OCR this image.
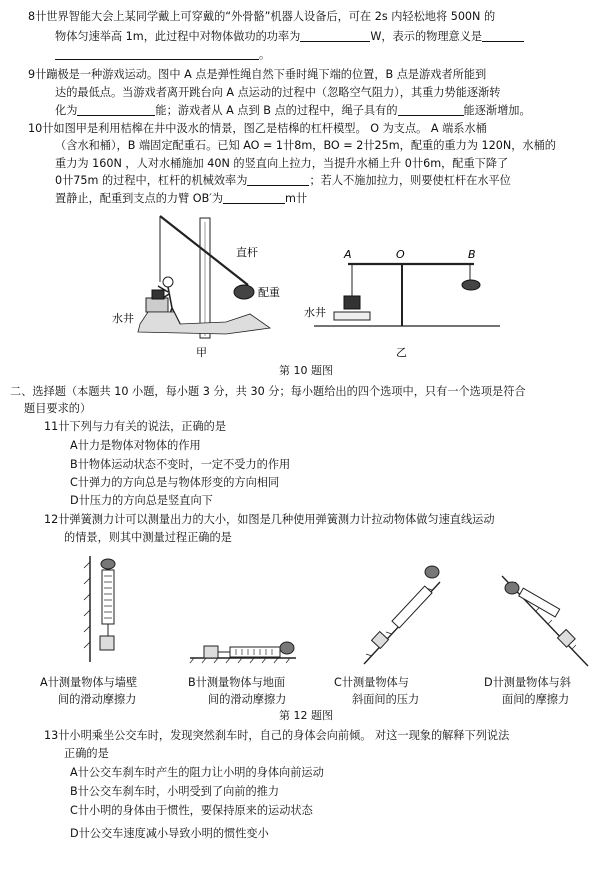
8卄世界智能大会上某同学戴上可穿戴的“外骨骼”机器人设备后，可在 2s 内轻松地将 500N 的
物体匀速举高 1m，此过程中对物体做功的功率为	W，表示的物理意义是
。
9卄蹦极是一种游戏运动。图中 A 点是弹性绳自然下垂时绳下端的位置，B 点是游戏者所能到
达的最低点。当游戏者离开跳台向 A 点运动的过程中（忽略空气阻力），其重力势能逐渐转
化为	能；游戏者从 A 点到 B 点的过程中，绳子具有的	能逐渐增加。
10卄如图甲是利用桔槔在井中汲水的情景，图乙是桔槔的杠杆模型。 O 为支点。 A 端系水桶
（含水和桶），B 端固定配重石。已知 AO = 1卄8m，BO = 2卄25m，配重的重力为 120N，水桶的
重力为 160N ，人对水桶施加 40N 的竖直向上拉力，当提升水桶上升 0卄6m，配重下降了
0卄75m 的过程中，杠杆的机械效率为	；若人不施加拉力，则要使杠杆在水平位
置静止，配重到支点的力臂 OB′为	m卄
直杆
配重
水井
甲
A	O	B
水井
乙
第 10 题图
二、选择题（本题共 10 小题，每小题 3 分，共 30 分；每小题给出的四个选项中，只有一个选项是符合
题目要求的）
11卄下列与力有关的说法，正确的是
A卄力是物体对物体的作用
B卄物体运动状态不变时，一定不受力的作用
C卄弹力的方向总是与物体形变的方向相同
D卄压力的方向总是竖直向下
12卄弹簧测力计可以测量出力的大小，如图是几种使用弹簧测力计拉动物体做匀速直线运动
的情景，则其中测量过程正确的是
A卄测量物体与墙壁
间的滑动摩擦力
B卄测量物体与地面
间的滑动摩擦力
C卄测量物体与
斜面间的压力
D卄测量物体与斜
面间的摩擦力
第 12 题图
13卄小明乘坐公交车时，发现突然刹车时，自己的身体会向前倾。 对这一现象的解释下列说法
正确的是
A卄公交车刹车时产生的阻力让小明的身体向前运动
B卄公交车刹车时，小明受到了向前的推力
C卄小明的身体由于惯性，要保持原来的运动状态
D卄公交车速度减小导致小明的惯性变小
